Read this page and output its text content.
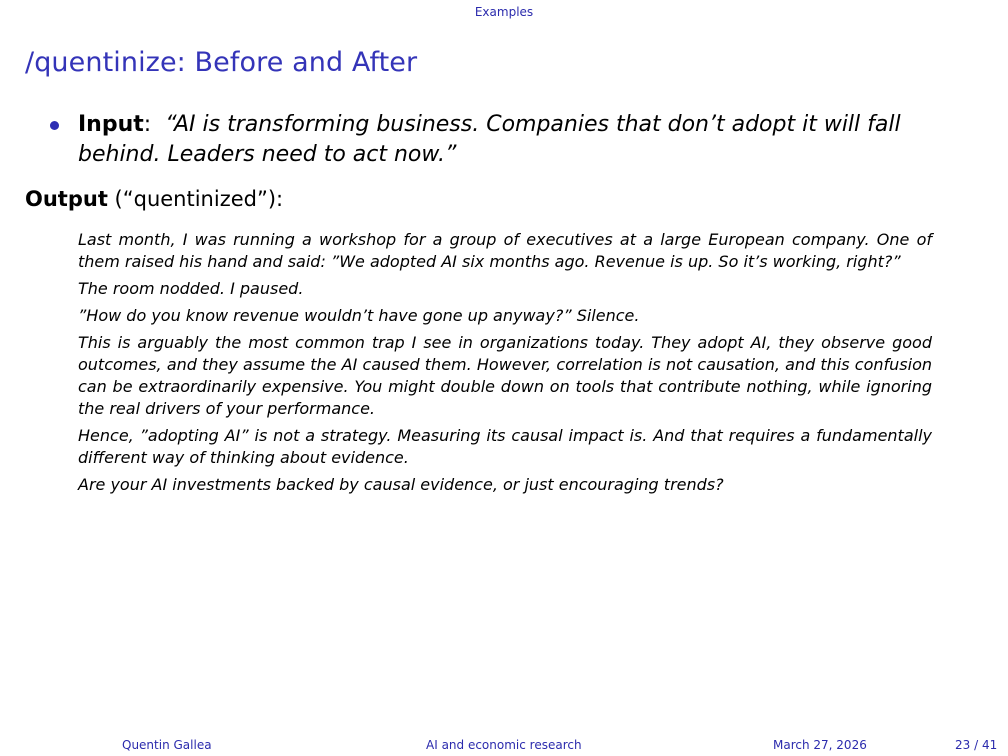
Examples
/quentinize: Before and After
Input: “AI is transforming business. Companies that don’t adopt it will fall behind. Leaders need to act now.”
Output (“quentinized”):

Last month, I was running a workshop for a group of executives at a large European company. One of them raised his hand and said: ”We adopted AI six months ago. Revenue is up. So it’s working, right?”

The room nodded. I paused.

”How do you know revenue wouldn’t have gone up anyway?” Silence.

This is arguably the most common trap I see in organizations today. They adopt AI, they observe good outcomes, and they assume the AI caused them. However, correlation is not causation, and this confusion can be extraordinarily expensive. You might double down on tools that contribute nothing, while ignoring the real drivers of your performance.

Hence, ”adopting AI” is not a strategy. Measuring its causal impact is. And that requires a fundamentally different way of thinking about evidence.

Are your AI investments backed by causal evidence, or just encouraging trends?

Quentin Gallea	AI and economic research	March 27, 2026	23 / 41
